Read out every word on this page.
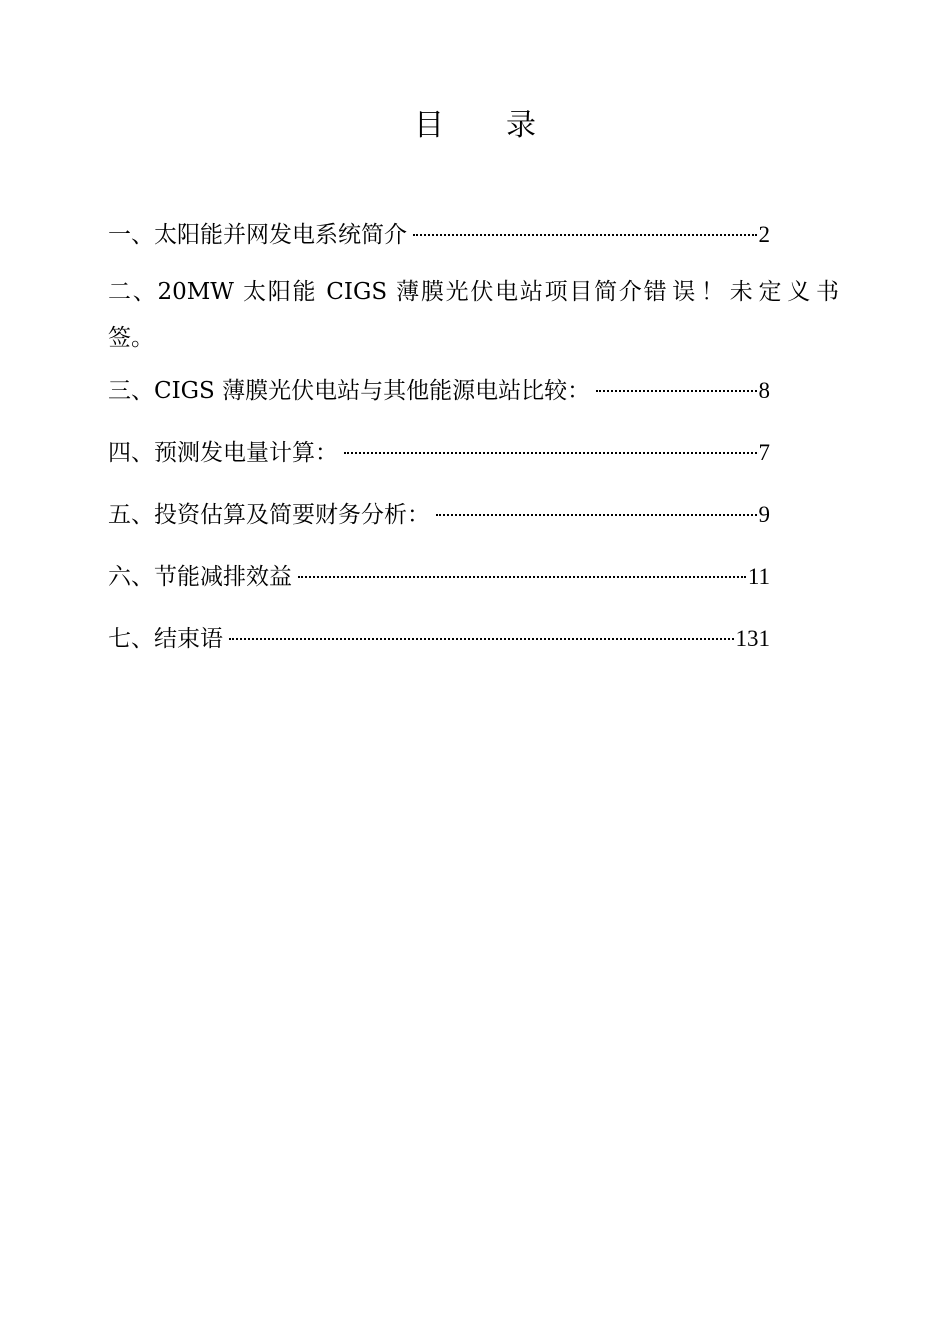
目 录
一、太阳能并网发电系统简介	2
二、20MW 太阳能 CIGS 薄膜光伏电站项目简介错误！未定义书
签。
三、CIGS 薄膜光伏电站与其他能源电站比较：	8
四、预测发电量计算：	7
五、投资估算及简要财务分析：	9
六、节能减排效益	11
七、结束语	131
